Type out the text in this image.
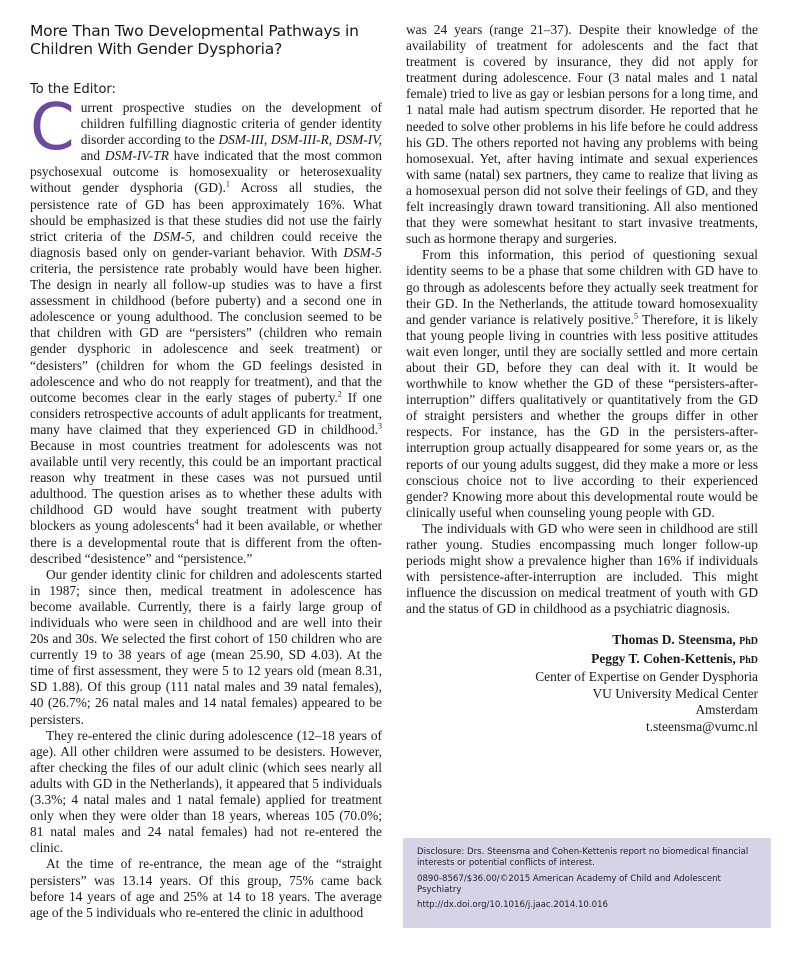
More Than Two Developmental Pathways in Children With Gender Dysphoria?
To the Editor:

Current prospective studies on the development of children fulfilling diagnostic criteria of gender identity disorder according to the DSM-III, DSM-III-R, DSM-IV, and DSM-IV-TR have indicated that the most common psychosexual outcome is homosexuality or heterosexuality without gender dysphoria (GD).$^1$ Across all studies, the persistence rate of GD has been approximately 16%. What should be emphasized is that these studies did not use the fairly strict criteria of the DSM-5, and children could receive the diagnosis based only on gender-variant behavior. With DSM-5 criteria, the persistence rate probably would have been higher. The design in nearly all follow-up studies was to have a first assessment in childhood (before puberty) and a second one in adolescence or young adulthood. The conclusion seemed to be that children with GD are “persisters” (children who remain gender dysphoric in adolescence and seek treatment) or “desisters” (children for whom the GD feelings desisted in adolescence and who do not reapply for treatment), and that the outcome becomes clear in the early stages of puberty.$^2$ If one considers retrospective accounts of adult applicants for treatment, many have claimed that they experienced GD in childhood.$^3$ Because in most countries treatment for adolescents was not available until very recently, this could be an important practical reason why treatment in these cases was not pursued until adulthood. The question arises as to whether these adults with childhood GD would have sought treatment with puberty blockers as young adolescents$^4$ had it been available, or whether there is a developmental route that is different from the often-described “desistence” and “persistence.”

Our gender identity clinic for children and adolescents started in 1987; since then, medical treatment in adolescence has become available. Currently, there is a fairly large group of individuals who were seen in childhood and are well into their 20s and 30s. We selected the first cohort of 150 children who are currently 19 to 38 years of age (mean 25.90, SD 4.03). At the time of first assessment, they were 5 to 12 years old (mean 8.31, SD 1.88). Of this group (111 natal males and 39 natal females), 40 (26.7%; 26 natal males and 14 natal females) appeared to be persisters.

They re-entered the clinic during adolescence (12–18 years of age). All other children were assumed to be desisters. However, after checking the files of our adult clinic (which sees nearly all adults with GD in the Netherlands), it appeared that 5 individuals (3.3%; 4 natal males and 1 natal female) applied for treatment only when they were older than 18 years, whereas 105 (70.0%; 81 natal males and 24 natal females) had not re-entered the clinic.

At the time of re-entrance, the mean age of the “straight persisters” was 13.14 years. Of this group, 75% came back before 14 years of age and 25% at 14 to 18 years. The average age of the 5 individuals who re-entered the clinic in adulthood

was 24 years (range 21–37). Despite their knowledge of the availability of treatment for adolescents and the fact that treatment is covered by insurance, they did not apply for treatment during adolescence. Four (3 natal males and 1 natal female) tried to live as gay or lesbian persons for a long time, and 1 natal male had autism spectrum disorder. He reported that he needed to solve other problems in his life before he could address his GD. The others reported not having any problems with being homosexual. Yet, after having intimate and sexual experiences with same (natal) sex partners, they came to realize that living as a homosexual person did not solve their feelings of GD, and they felt increasingly drawn toward transitioning. All also mentioned that they were somewhat hesitant to start invasive treatments, such as hormone therapy and surgeries.

From this information, this period of questioning sexual identity seems to be a phase that some children with GD have to go through as adolescents before they actually seek treatment for their GD. In the Netherlands, the attitude toward homosexuality and gender variance is relatively positive.$^5$ Therefore, it is likely that young people living in countries with less positive attitudes wait even longer, until they are socially settled and more certain about their GD, before they can deal with it. It would be worthwhile to know whether the GD of these “persisters-after-interruption” differs qualitatively or quantitatively from the GD of straight persisters and whether the groups differ in other respects. For instance, has the GD in the persisters-after-interruption group actually disappeared for some years or, as the reports of our young adults suggest, did they make a more or less conscious choice not to live according to their experienced gender? Knowing more about this developmental route would be clinically useful when counseling young people with GD.

The individuals with GD who were seen in childhood are still rather young. Studies encompassing much longer follow-up periods might show a prevalence higher than 16% if individuals with persistence-after-interruption are included. This might influence the discussion on medical treatment of youth with GD and the status of GD in childhood as a psychiatric diagnosis.

Thomas D. Steensma, PhD
Peggy T. Cohen-Kettenis, PhD
Center of Expertise on Gender Dysphoria
VU University Medical Center
Amsterdam
t.steensma@vumc.nl
Disclosure: Drs. Steensma and Cohen-Kettenis report no biomedical financial interests or potential conflicts of interest.
0890-8567/$36.00/©2015 American Academy of Child and Adolescent Psychiatry
http://dx.doi.org/10.1016/j.jaac.2014.10.016
